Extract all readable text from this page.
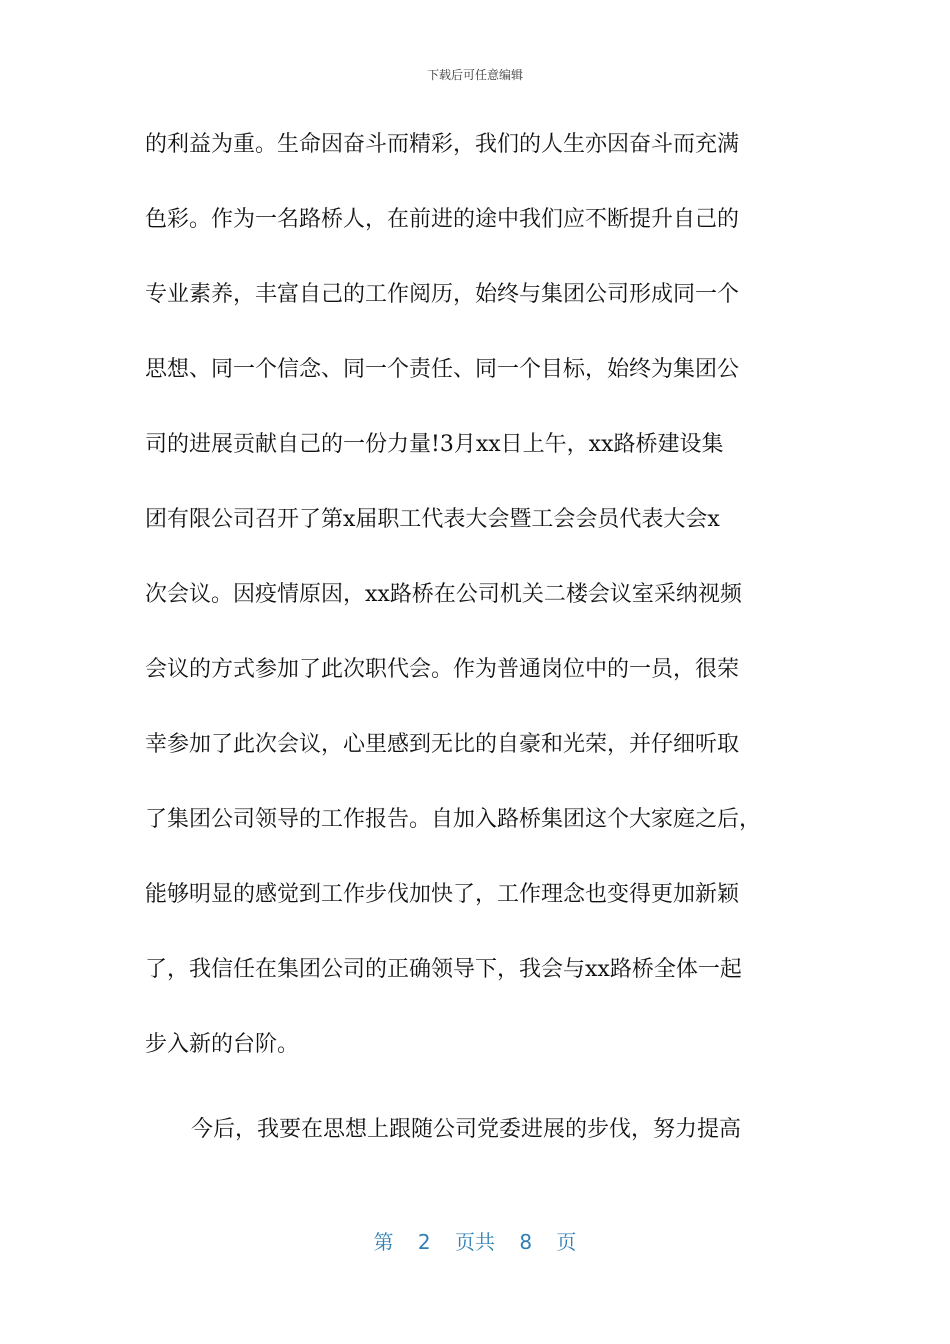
下载后可任意编辑
的利益为重。生命因奋斗而精彩，我们的人生亦因奋斗而充满
色彩。作为一名路桥人，在前进的途中我们应不断提升自己的
专业素养，丰富自己的工作阅历，始终与集团公司形成同一个
思想、同一个信念、同一个责任、同一个目标，始终为集团公
司的进展贡献自己的一份力量!3月xx日上午，xx路桥建设集
团有限公司召开了第x届职工代表大会暨工会会员代表大会x
次会议。因疫情原因，xx路桥在公司机关二楼会议室采纳视频
会议的方式参加了此次职代会。作为普通岗位中的一员，很荣
幸参加了此次会议，心里感到无比的自豪和光荣，并仔细听取
了集团公司领导的工作报告。自加入路桥集团这个大家庭之后，
能够明显的感觉到工作步伐加快了，工作理念也变得更加新颖
了，我信任在集团公司的正确领导下，我会与xx路桥全体一起
步入新的台阶。
今后，我要在思想上跟随公司党委进展的步伐，努力提高
第 2 页共 8 页
